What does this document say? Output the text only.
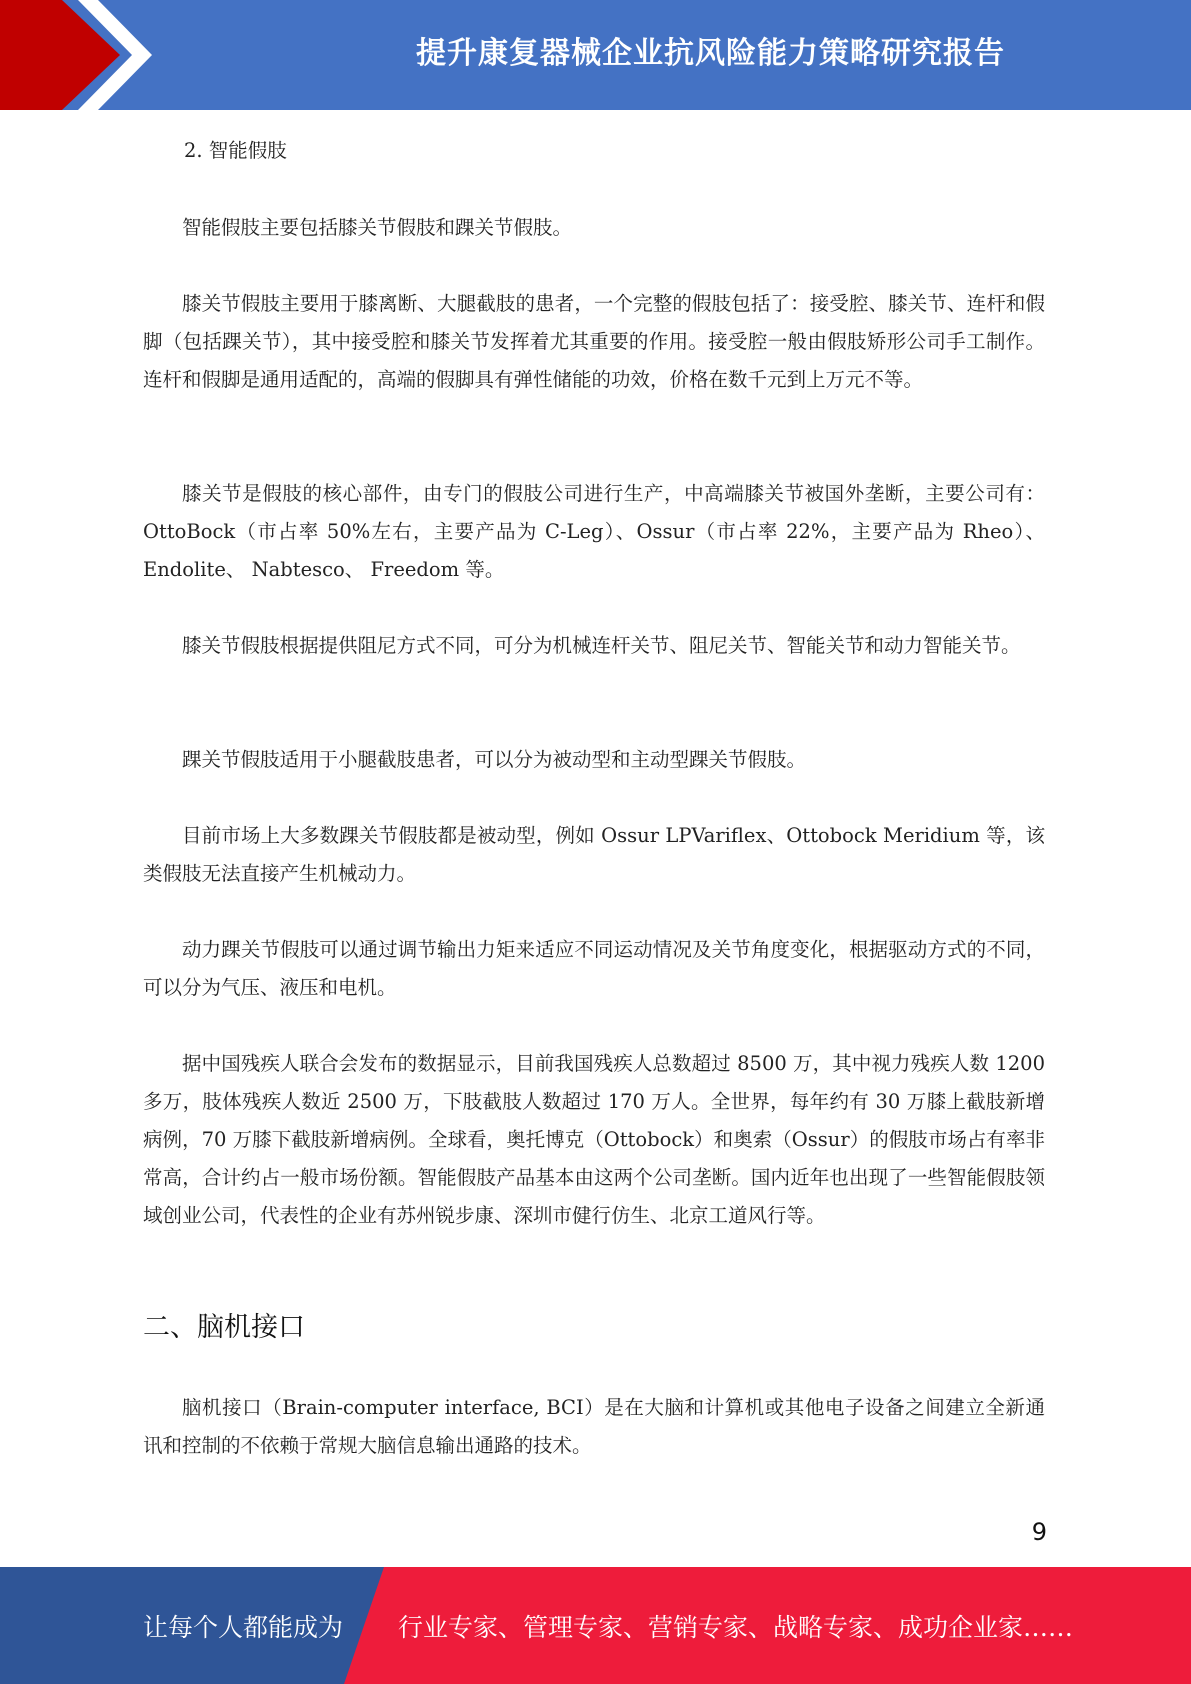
提升康复器械企业抗风险能力策略研究报告
2. 智能假肢

智能假肢主要包括膝关节假肢和踝关节假肢。

膝关节假肢主要用于膝离断、大腿截肢的患者，一个完整的假肢包括了：接受腔、膝关节、连杆和假脚（包括踝关节），其中接受腔和膝关节发挥着尤其重要的作用。接受腔一般由假肢矫形公司手工制作。连杆和假脚是通用适配的，高端的假脚具有弹性储能的功效，价格在数千元到上万元不等。

膝关节是假肢的核心部件，由专门的假肢公司进行生产，中高端膝关节被国外垄断，主要公司有：OttoBock（市占率 50%左右，主要产品为 C-Leg）、Ossur（市占率 22%，主要产品为 Rheo）、Endolite、 Nabtesco、 Freedom 等。

膝关节假肢根据提供阻尼方式不同，可分为机械连杆关节、阻尼关节、智能关节和动力智能关节。

踝关节假肢适用于小腿截肢患者，可以分为被动型和主动型踝关节假肢。

目前市场上大多数踝关节假肢都是被动型，例如 Ossur LPVariflex、Ottobock Meridium 等，该类假肢无法直接产生机械动力。

动力踝关节假肢可以通过调节输出力矩来适应不同运动情况及关节角度变化，根据驱动方式的不同，可以分为气压、液压和电机。

据中国残疾人联合会发布的数据显示，目前我国残疾人总数超过 8500 万，其中视力残疾人数 1200 多万，肢体残疾人数近 2500 万，下肢截肢人数超过 170 万人。全世界，每年约有 30 万膝上截肢新增病例，70 万膝下截肢新增病例。全球看，奥托博克（Ottobock）和奥索（Ossur）的假肢市场占有率非常高，合计约占一般市场份额。智能假肢产品基本由这两个公司垄断。国内近年也出现了一些智能假肢领域创业公司，代表性的企业有苏州锐步康、深圳市健行仿生、北京工道风行等。

二、脑机接口

脑机接口（Brain-computer interface, BCI）是在大脑和计算机或其他电子设备之间建立全新通讯和控制的不依赖于常规大脑信息输出通路的技术。

9
让每个人都能成为 行业专家、管理专家、营销专家、战略专家、成功企业家……
